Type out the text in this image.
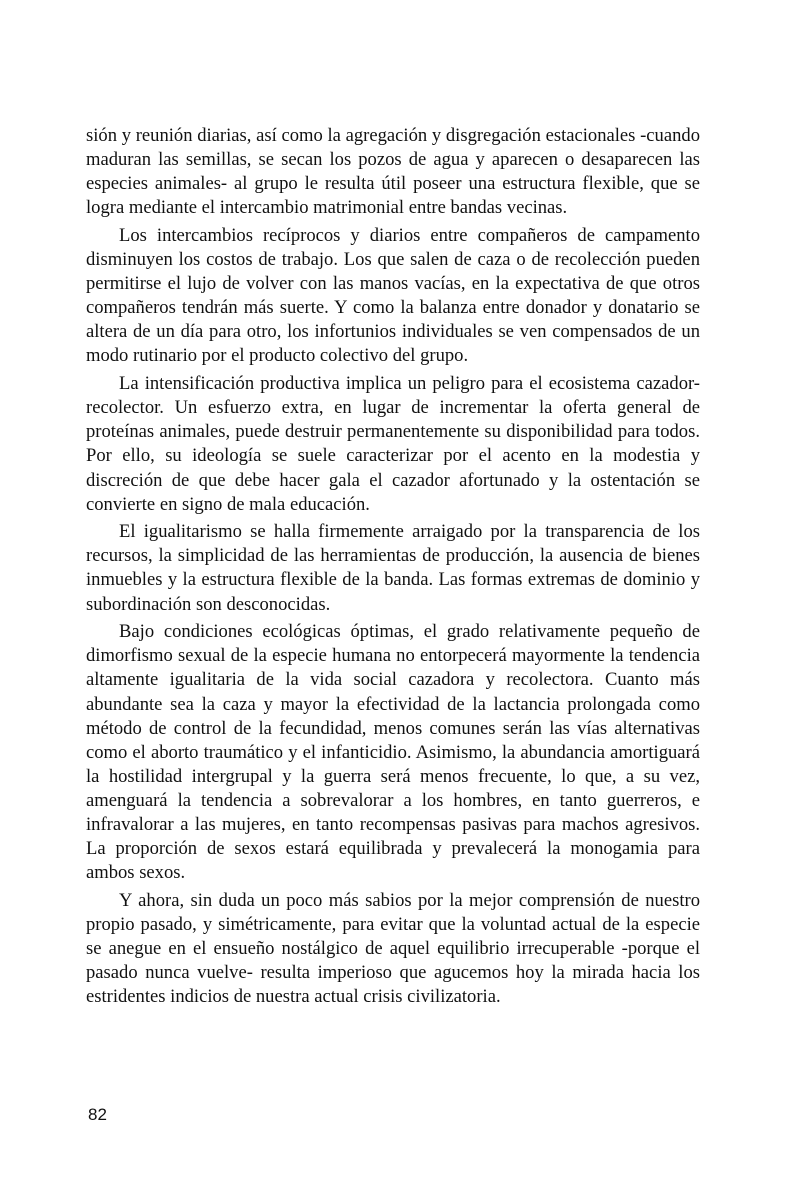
sión y reunión diarias, así como la agregación y disgregación estacionales -cuando maduran las semillas, se secan los pozos de agua y aparecen o desaparecen las especies animales- al grupo le resulta útil poseer una estructura flexible, que se logra mediante el intercambio matrimonial entre bandas vecinas.

Los intercambios recíprocos y diarios entre compañeros de campamento disminuyen los costos de trabajo. Los que salen de caza o de recolección pueden permitirse el lujo de volver con las manos vacías, en la expectativa de que otros compañeros tendrán más suerte. Y como la balanza entre donador y donatario se altera de un día para otro, los infortunios individuales se ven compensados de un modo rutinario por el producto colectivo del grupo.

La intensificación productiva implica un peligro para el ecosistema cazador-recolector. Un esfuerzo extra, en lugar de incrementar la oferta general de proteínas animales, puede destruir permanentemente su disponibilidad para todos. Por ello, su ideología se suele caracterizar por el acento en la modestia y discreción de que debe hacer gala el cazador afortunado y la ostentación se convierte en signo de mala educación.

El igualitarismo se halla firmemente arraigado por la transparencia de los recursos, la simplicidad de las herramientas de producción, la ausencia de bienes inmuebles y la estructura flexible de la banda. Las formas extremas de dominio y subordinación son desconocidas.

Bajo condiciones ecológicas óptimas, el grado relativamente pequeño de dimorfismo sexual de la especie humana no entorpecerá mayormente la tendencia altamente igualitaria de la vida social cazadora y recolectora. Cuanto más abundante sea la caza y mayor la efectividad de la lactancia prolongada como método de control de la fecundidad, menos comunes serán las vías alternativas como el aborto traumático y el infanticidio. Asimismo, la abundancia amortiguará la hostilidad intergrupal y la guerra será menos frecuente, lo que, a su vez, amenguará la tendencia a sobrevalorar a los hombres, en tanto guerreros, e infravalorar a las mujeres, en tanto recompensas pasivas para machos agresivos. La proporción de sexos estará equilibrada y prevalecerá la monogamia para ambos sexos.

Y ahora, sin duda un poco más sabios por la mejor comprensión de nuestro propio pasado, y simétricamente, para evitar que la voluntad actual de la especie se anegue en el ensueño nostálgico de aquel equilibrio irrecuperable -porque el pasado nunca vuelve- resulta imperioso que agucemos hoy la mirada hacia los estridentes indicios de nuestra actual crisis civilizatoria.

82
